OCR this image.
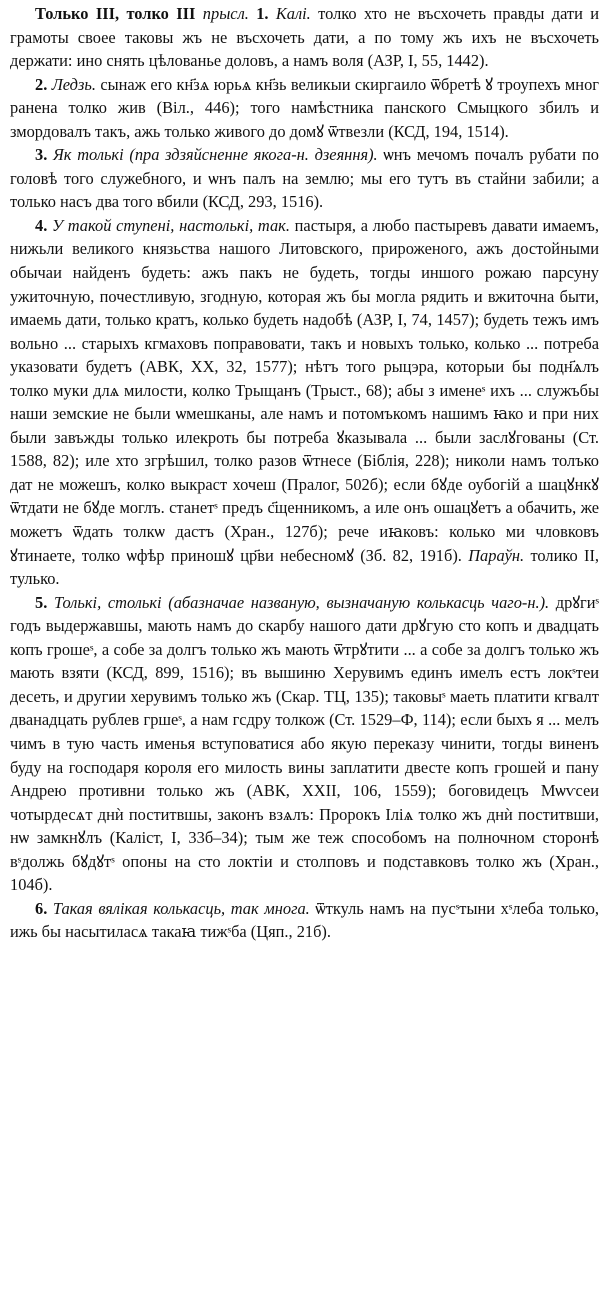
Только III, толко III прысл. 1. Калі. толко хто не въсхочеть правды дати и грамоты своее таковы жъ не въсхочеть дати, а по тому жъ ихъ не въсхочеть держати: ино снять цѣлованье доловъ, а намъ воля (АЗР, I, 55, 1442).

2. Ледзь. сынаж его кн҃зѧ юрьѧ кн҃зь великыи скиргаило ѿбретѣ ꙋ троупехъ мног ранена толко жив (Віл., 446); того намѣстника панского Смыцкого збилъ и змордовалъ такъ, ажь только живого до домꙋ ѿтвезли (КСД, 194, 1514).

3. Як толькі (пра здзяйсненне якога-н. дзеяння). ѡнъ мечомъ почалъ рубати по головѣ того служебного, и ѡнъ палъ на землю; мы его тутъ въ стайни забили; а только насъ два того вбили (КСД, 293, 1516).

4. У такой ступені, настолькі, так. пастыря, а любо пастыревъ давати имаемъ, нижьли великого князьства нашого Литовского, прироженого, ажъ достойными обычаи найденъ будеть: ажъ пакъ не будеть, тогды иншого рожаю парсуну ужиточную, почестливую, згодную, которая жъ бы могла рядить и вжиточна быти, имаемь дати, только кратъ, колько будеть надобѣ (АЗР, I, 74, 1457); будеть тежъ имъ вольно ... старыхъ кгмаховъ поправовати, такъ и новыхъ только, колько ... потреба указовати будетъ (АВК, XX, 32, 1577); нѣтъ того рыцэра, которыи бы подн҃ѧлъ толко муки длѧ милости, колко Трыщанъ (Трыст., 68); абы з именеˢ ихъ ... служъбы наши земские не были ѡмешканы, але намъ и потомъкомъ нашимъ ꙗко и при них были завъжды только илекроть бы потреба ꙋказывала ... были заслꙋгованы (Ст. 1588, 82); иле хто згрѣшил, толко разов ѿтнесе (Біблія, 228); николи намъ толъко дат не можешъ, колко выкраст хочеш (Пралог, 502б); если бꙋде оубогій а шацꙋнкꙋ ѿтдати не бꙋде моглъ. станетˢ предъ с҃щенникомъ, а иле онъ ошацꙋетъ а обачить, же можетъ ѿдать толкѡ дастъ (Хран., 127б); рече иꙗковъ: колько ми чловковъ ꙋтинаете, толко ѡфѣр приношꙋ цр҃ви небесномꙋ (Зб. 82, 191б). Параўн. толико II, тулько.

5. Толькі, столькі (абазначае названую, вызначаную колькасць чаго-н.). дрꙋгиˢ годъ выдержавшы, мають намъ до скарбу нашого дати дрꙋгую сто копъ и двадцать копъ грошeˢ, а собе за долгъ только жъ мають ѿтрꙋтити ... а собе за долгъ только жъ мають взяти (КСД, 899, 1516); въ вышиню Херувимъ единъ имелъ естъ локˢтеи десеть, и другии херувимъ только жъ (Скар. ТЦ, 135); таковыˢ маеть платити кгвалт дванадцать рублев гршеˢ, а нам гсдру толкож (Ст. 1529–Ф, 114); если быхъ я ... мелъ чимъ в тую часть именья вступоватися або якую переказу чинити, тогды виненъ буду на господаря короля его милость вины заплатити двесте копъ грошей и пану Андрею противни только жъ (АВК, XXII, 106, 1559); боговидецъ Мѡѵсеи чотырдесѧт днѝ поститвшы, законъ взѧлъ: Пророкъ Іліѧ толко жъ днѝ поститвши, нѡ замкнꙋлъ (Каліст, I, 33б–34); тым же теж способомъ на полночном сторонѣ вˢдолжь бꙋдꙋтˢ опоны на сто локтіи и столповъ и подставковъ толко жъ (Хран., 104б).

6. Такая вялікая колькасць, так многа. ѿткуль намъ на пусˢтыни хˢлеба только, ижь бы насытиласѧ такаꙗ тижˢба (Цяп., 21б).
